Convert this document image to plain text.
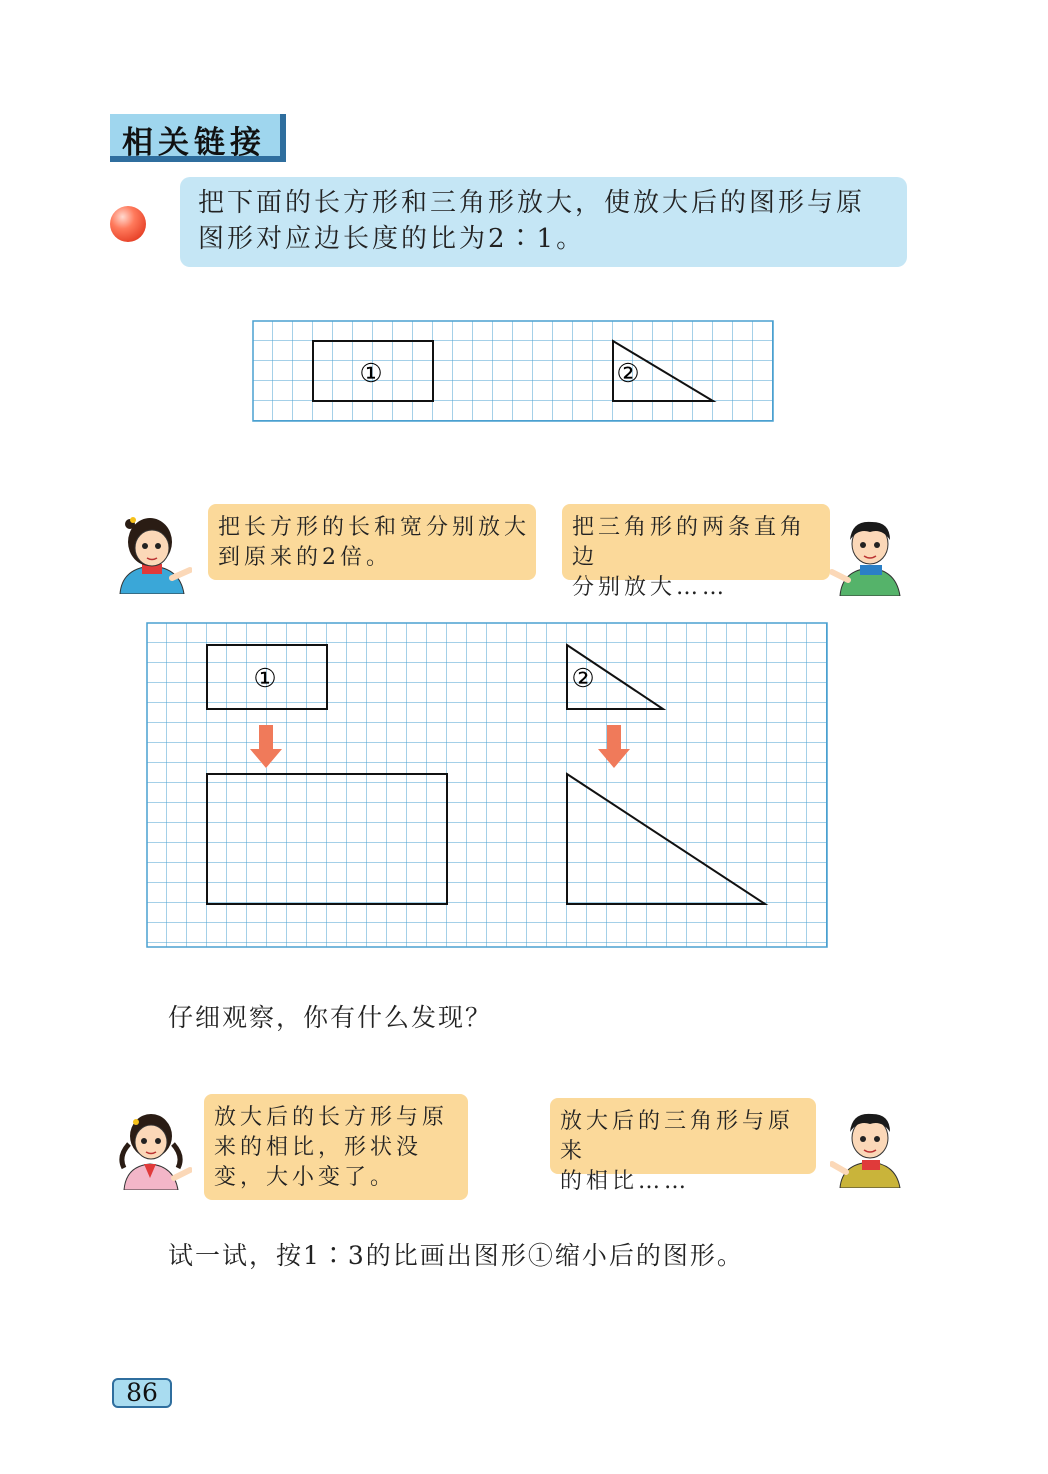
相关链接
把下面的长方形和三角形放大，使放大后的图形与原
图形对应边长度的比为2∶1。
①	②
把长方形的长和宽分别放大
到原来的2倍。
把三角形的两条直角边
分别放大……
①	②
仔细观察，你有什么发现？
放大后的长方形与原
来的相比，形状没
变，大小变了。
放大后的三角形与原来
的相比……
试一试，按1∶3的比画出图形①缩小后的图形。
86
